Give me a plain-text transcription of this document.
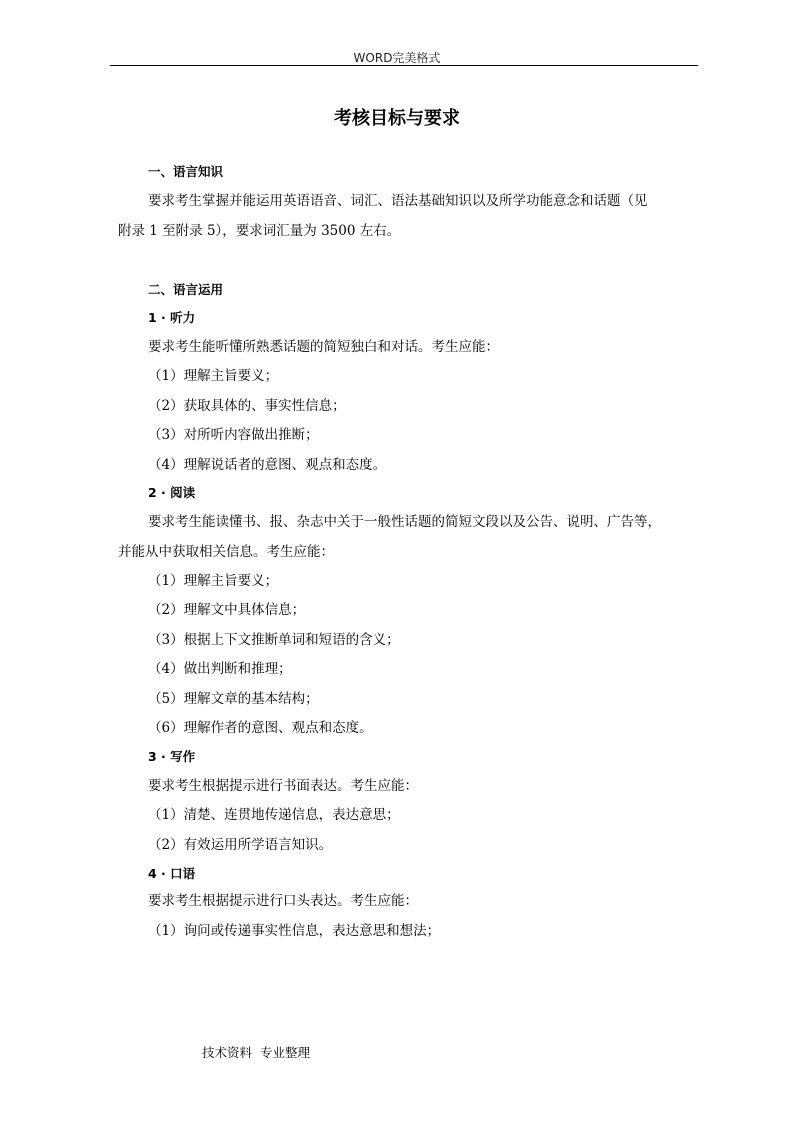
WORD完美格式
考核目标与要求
一、语言知识
要求考生掌握并能运用英语语音、词汇、语法基础知识以及所学功能意念和话题（见
附录 1 至附录 5），要求词汇量为 3500 左右。
二、语言运用
1 · 听力
要求考生能听懂所熟悉话题的简短独白和对话。考生应能：
（1）理解主旨要义；
（2）获取具体的、事实性信息；
（3）对所听内容做出推断；
（4）理解说话者的意图、观点和态度。
2 · 阅读
要求考生能读懂书、报、杂志中关于一般性话题的简短文段以及公告、说明、广告等，
并能从中获取相关信息。考生应能：
（1）理解主旨要义；
（2）理解文中具体信息；
（3）根据上下文推断单词和短语的含义；
（4）做出判断和推理；
（5）理解文章的基本结构；
（6）理解作者的意图、观点和态度。
3 · 写作
要求考生根据提示进行书面表达。考生应能：
（1）清楚、连贯地传递信息，表达意思；
（2）有效运用所学语言知识。
4 · 口语
要求考生根据提示进行口头表达。考生应能：
（1）询问或传递事实性信息，表达意思和想法；
技术资料  专业整理
